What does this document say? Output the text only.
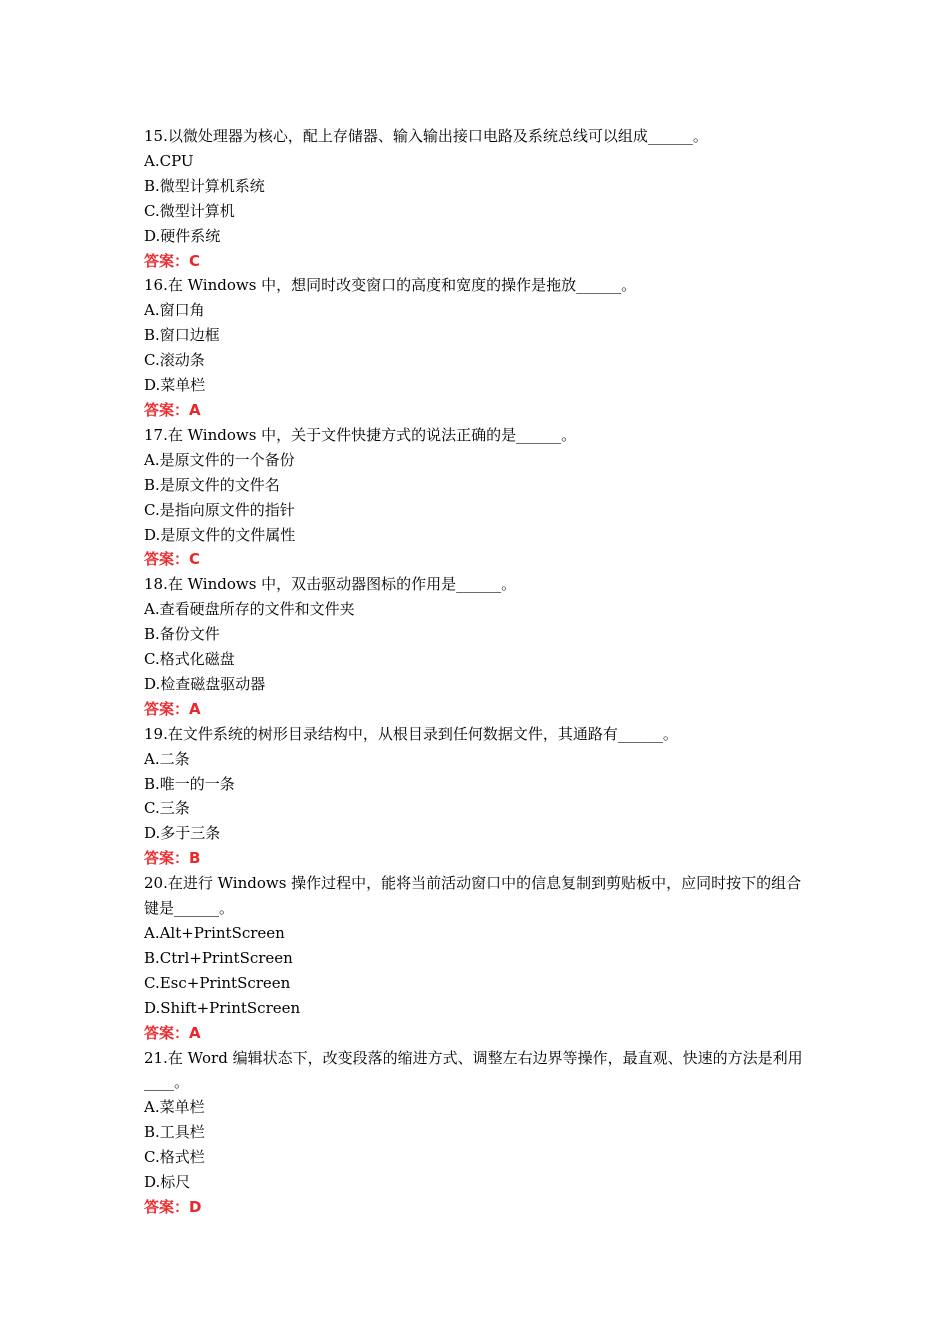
15.以微处理器为核心，配上存储器、输入输出接口电路及系统总线可以组成______。
A.CPU
B.微型计算机系统
C.微型计算机
D.硬件系统
答案：C
16.在 Windows 中，想同时改变窗口的高度和宽度的操作是拖放______。
A.窗口角
B.窗口边框
C.滚动条
D.菜单栏
答案：A
17.在 Windows 中，关于文件快捷方式的说法正确的是______。
A.是原文件的一个备份
B.是原文件的文件名
C.是指向原文件的指针
D.是原文件的文件属性
答案：C
18.在 Windows 中，双击驱动器图标的作用是______。
A.查看硬盘所存的文件和文件夹
B.备份文件
C.格式化磁盘
D.检查磁盘驱动器
答案：A
19.在文件系统的树形目录结构中，从根目录到任何数据文件，其通路有______。
A.二条
B.唯一的一条
C.三条
D.多于三条
答案：B
20.在进行 Windows 操作过程中，能将当前活动窗口中的信息复制到剪贴板中，应同时按下的组合键是______。
A.Alt+PrintScreen
B.Ctrl+PrintScreen
C.Esc+PrintScreen
D.Shift+PrintScreen
答案：A
21.在 Word 编辑状态下，改变段落的缩进方式、调整左右边界等操作，最直观、快速的方法是利用____。
A.菜单栏
B.工具栏
C.格式栏
D.标尺
答案：D
